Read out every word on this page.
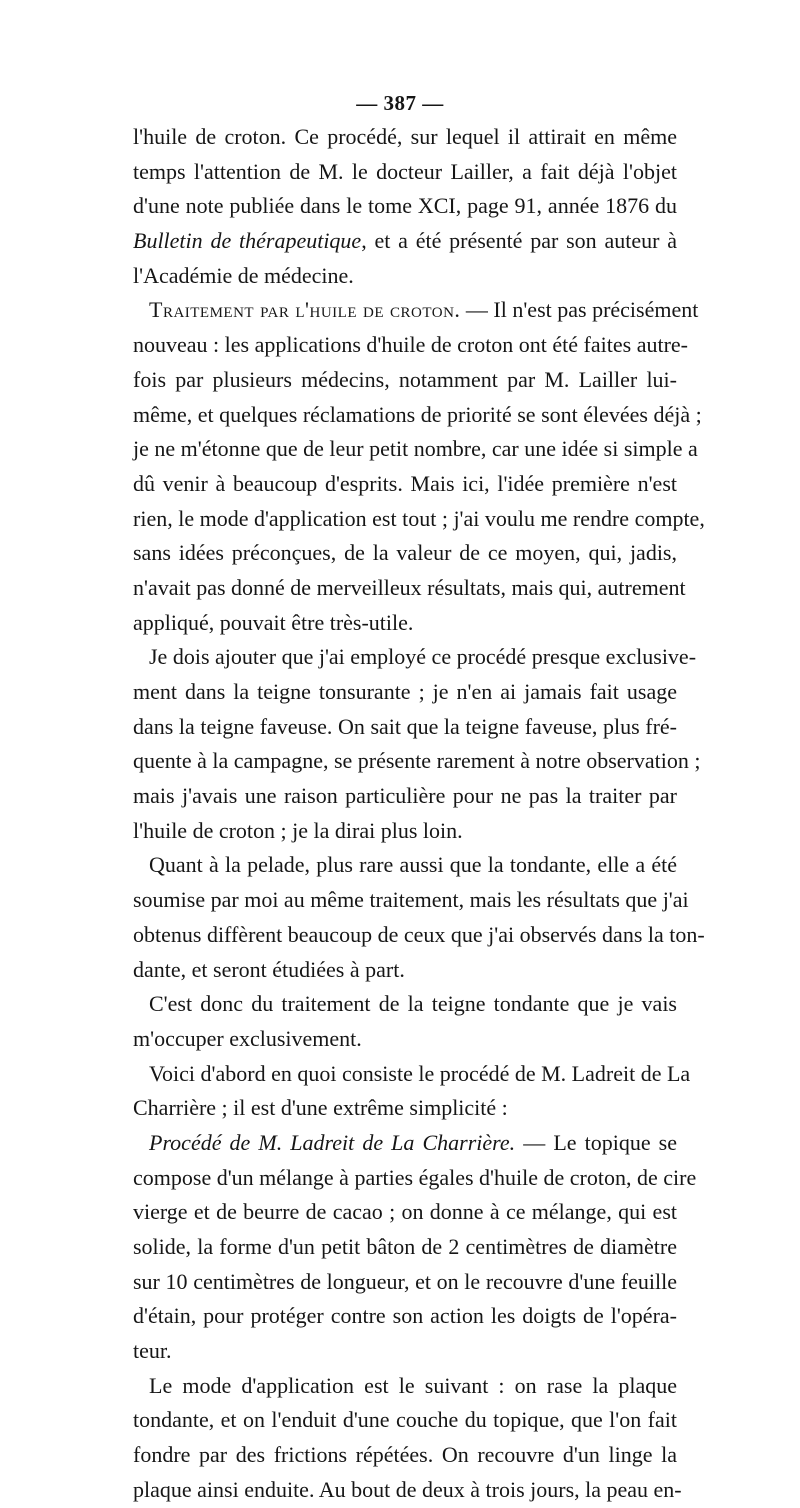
— 387 —
l'huile de croton. Ce procédé, sur lequel il attirait en même
temps l'attention de M. le docteur Lailler, a fait déjà l'objet
d'une note publiée dans le tome XCI, page 91, année 1876 du
Bulletin de thérapeutique, et a été présenté par son auteur à
l'Académie de médecine.
Traitement par l'huile de croton. — Il n'est pas précisément
nouveau : les applications d'huile de croton ont été faites autre-
fois par plusieurs médecins, notamment par M. Lailler lui-
même, et quelques réclamations de priorité se sont élevées déjà ;
je ne m'étonne que de leur petit nombre, car une idée si simple a
dû venir à beaucoup d'esprits. Mais ici, l'idée première n'est
rien, le mode d'application est tout ; j'ai voulu me rendre compte,
sans idées préconçues, de la valeur de ce moyen, qui, jadis,
n'avait pas donné de merveilleux résultats, mais qui, autrement
appliqué, pouvait être très-utile.
Je dois ajouter que j'ai employé ce procédé presque exclusive-
ment dans la teigne tonsurante ; je n'en ai jamais fait usage
dans la teigne faveuse. On sait que la teigne faveuse, plus fré-
quente à la campagne, se présente rarement à notre observation ;
mais j'avais une raison particulière pour ne pas la traiter par
l'huile de croton ; je la dirai plus loin.
Quant à la pelade, plus rare aussi que la tondante, elle a été
soumise par moi au même traitement, mais les résultats que j'ai
obtenus diffèrent beaucoup de ceux que j'ai observés dans la ton-
dante, et seront étudiées à part.
C'est donc du traitement de la teigne tondante que je vais
m'occuper exclusivement.
Voici d'abord en quoi consiste le procédé de M. Ladreit de La
Charrière ; il est d'une extrême simplicité :
Procédé de M. Ladreit de La Charrière. — Le topique se
compose d'un mélange à parties égales d'huile de croton, de cire
vierge et de beurre de cacao ; on donne à ce mélange, qui est
solide, la forme d'un petit bâton de 2 centimètres de diamètre
sur 10 centimètres de longueur, et on le recouvre d'une feuille
d'étain, pour protéger contre son action les doigts de l'opéra-
teur.
Le mode d'application est le suivant : on rase la plaque
tondante, et on l'enduit d'une couche du topique, que l'on fait
fondre par des frictions répétées. On recouvre d'un linge la
plaque ainsi enduite. Au bout de deux à trois jours, la peau en-
